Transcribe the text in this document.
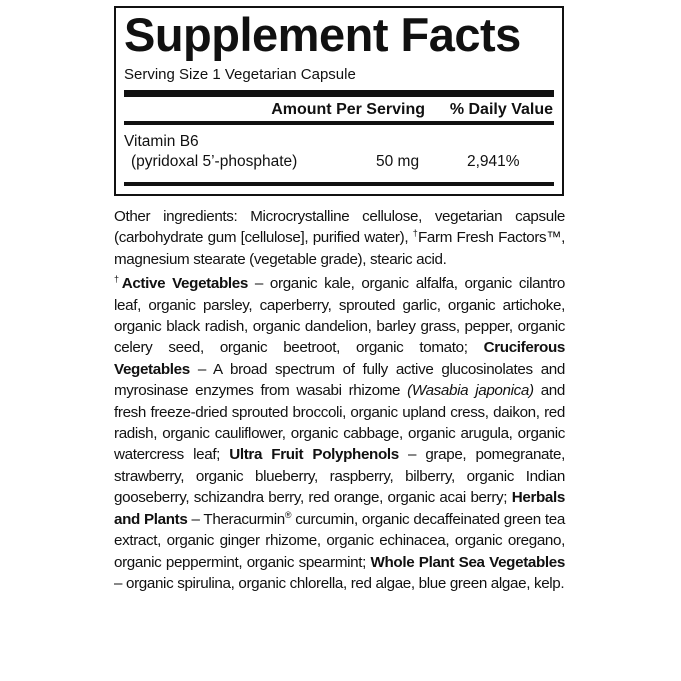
Supplement Facts
Serving Size 1 Vegetarian Capsule
Amount Per Serving % Daily Value
Vitamin B6
(pyridoxal 5’-phosphate)	50 mg	2,941%

Other ingredients: Microcrystalline cellulose, vegetarian capsule (carbohydrate gum [cellulose], purified water), †Farm Fresh Factors™, magnesium stearate (vegetable grade), stearic acid.

†Active Vegetables – organic kale, organic alfalfa, organic cilantro leaf, organic parsley, caperberry, sprouted garlic, organic artichoke, organic black radish, organic dandelion, barley grass, pepper, organic celery seed, organic beetroot, organic tomato; Cruciferous Vegetables – A broad spectrum of fully active glucosinolates and myrosinase enzymes from wasabi rhizome (Wasabia japonica) and fresh freeze-dried sprouted broccoli, organic upland cress, daikon, red radish, organic cauliflower, organic cabbage, organic arugula, organic watercress leaf; Ultra Fruit Polyphenols – grape, pomegranate, strawberry, organic blueberry, raspberry, bilberry, organic Indian gooseberry, schizandra berry, red orange, organic acai berry; Herbals and Plants – Theracurmin® curcumin, organic decaffeinated green tea extract, organic ginger rhizome, organic echinacea, organic oregano, organic peppermint, organic spearmint; Whole Plant Sea Vegetables – organic spirulina, organic chlorella, red algae, blue green algae, kelp.
